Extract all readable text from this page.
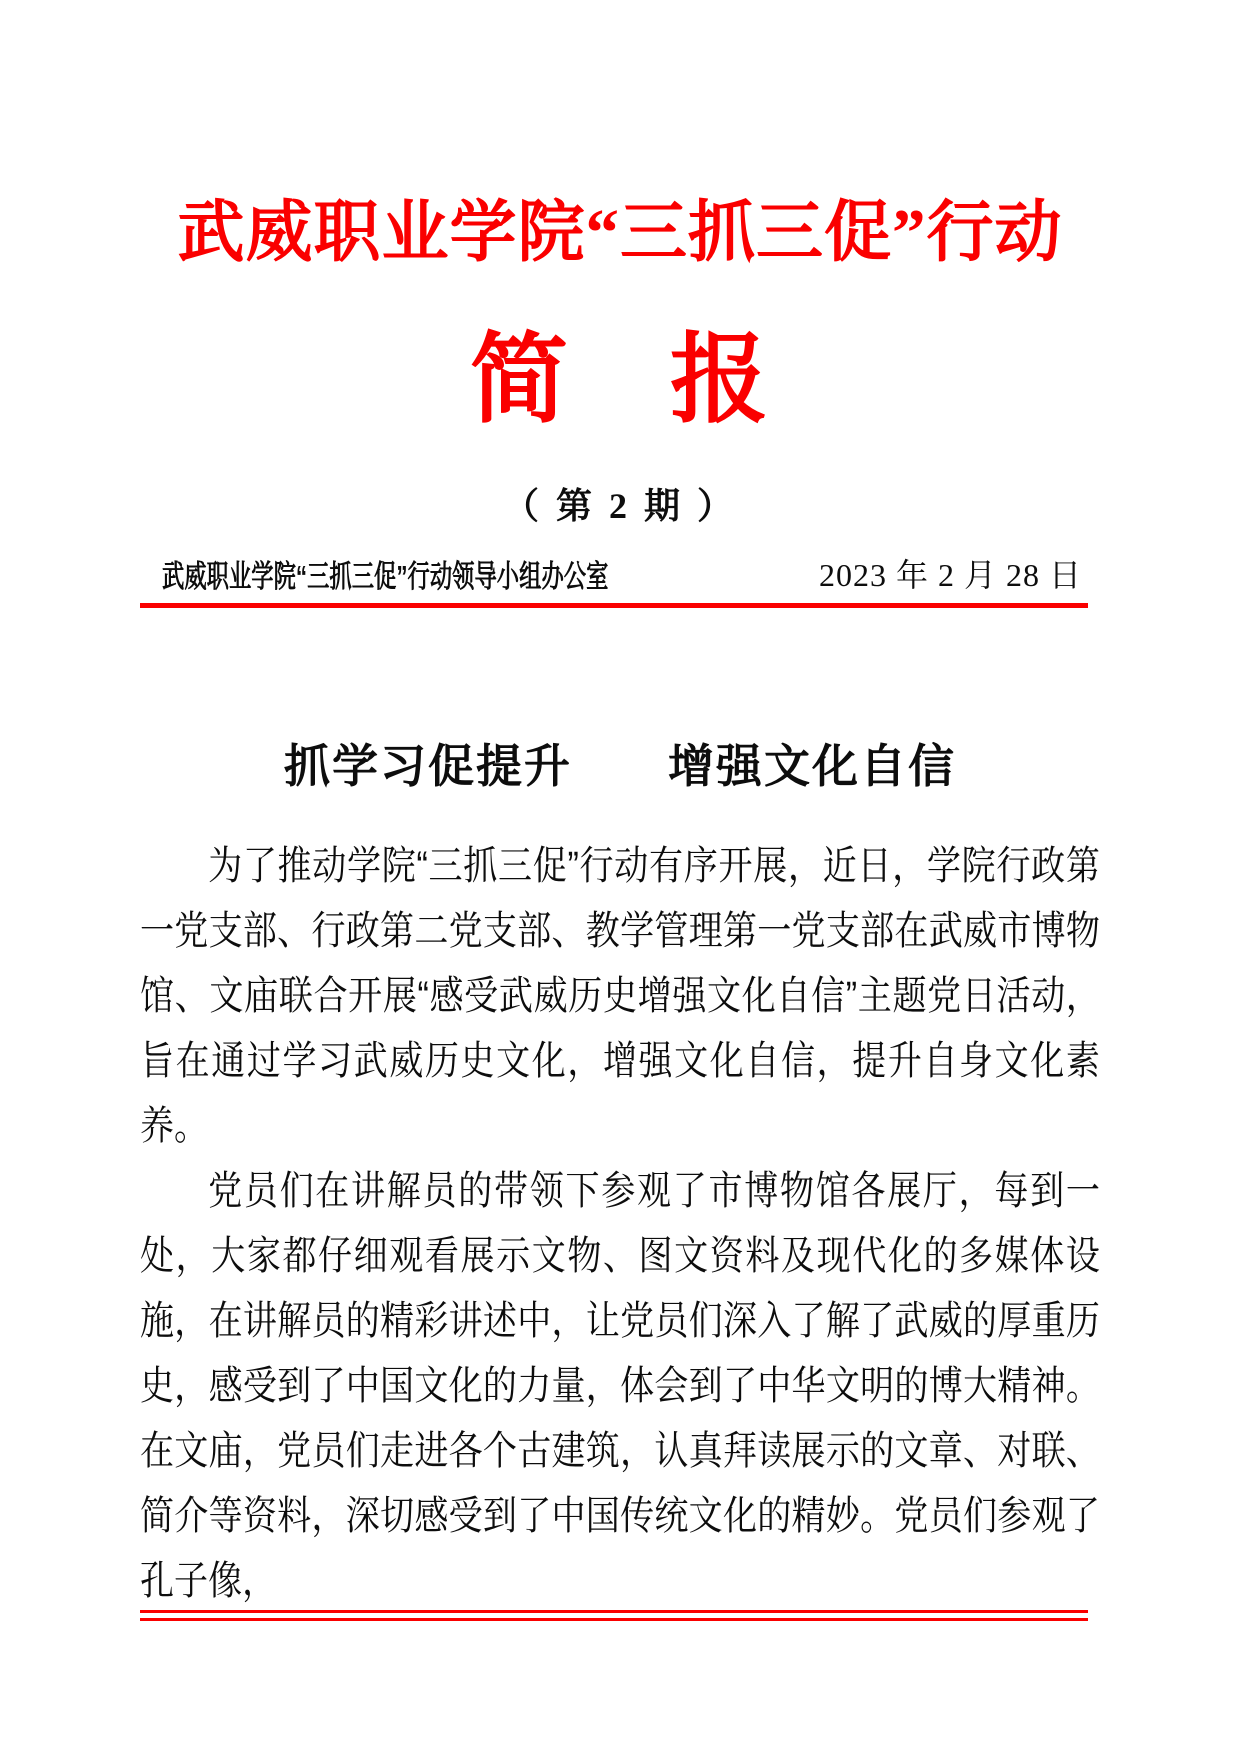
武威职业学院“三抓三促”行动
简　报
（ 第 2 期 ）
武威职业学院“三抓三促”行动领导小组办公室	2023 年 2 月 28 日
抓学习促提升　　增强文化自信

为了推动学院“三抓三促”行动有序开展，近日，学院行政第一党支部、行政第二党支部、教学管理第一党支部在武威市博物馆、文庙联合开展“感受武威历史增强文化自信”主题党日活动，旨在通过学习武威历史文化，增强文化自信，提升自身文化素养。

党员们在讲解员的带领下参观了市博物馆各展厅，每到一处，大家都仔细观看展示文物、图文资料及现代化的多媒体设施，在讲解员的精彩讲述中，让党员们深入了解了武威的厚重历史，感受到了中国文化的力量，体会到了中华文明的博大精神。在文庙，党员们走进各个古建筑，认真拜读展示的文章、对联、简介等资料，深切感受到了中国传统文化的精妙。党员们参观了孔子像，
